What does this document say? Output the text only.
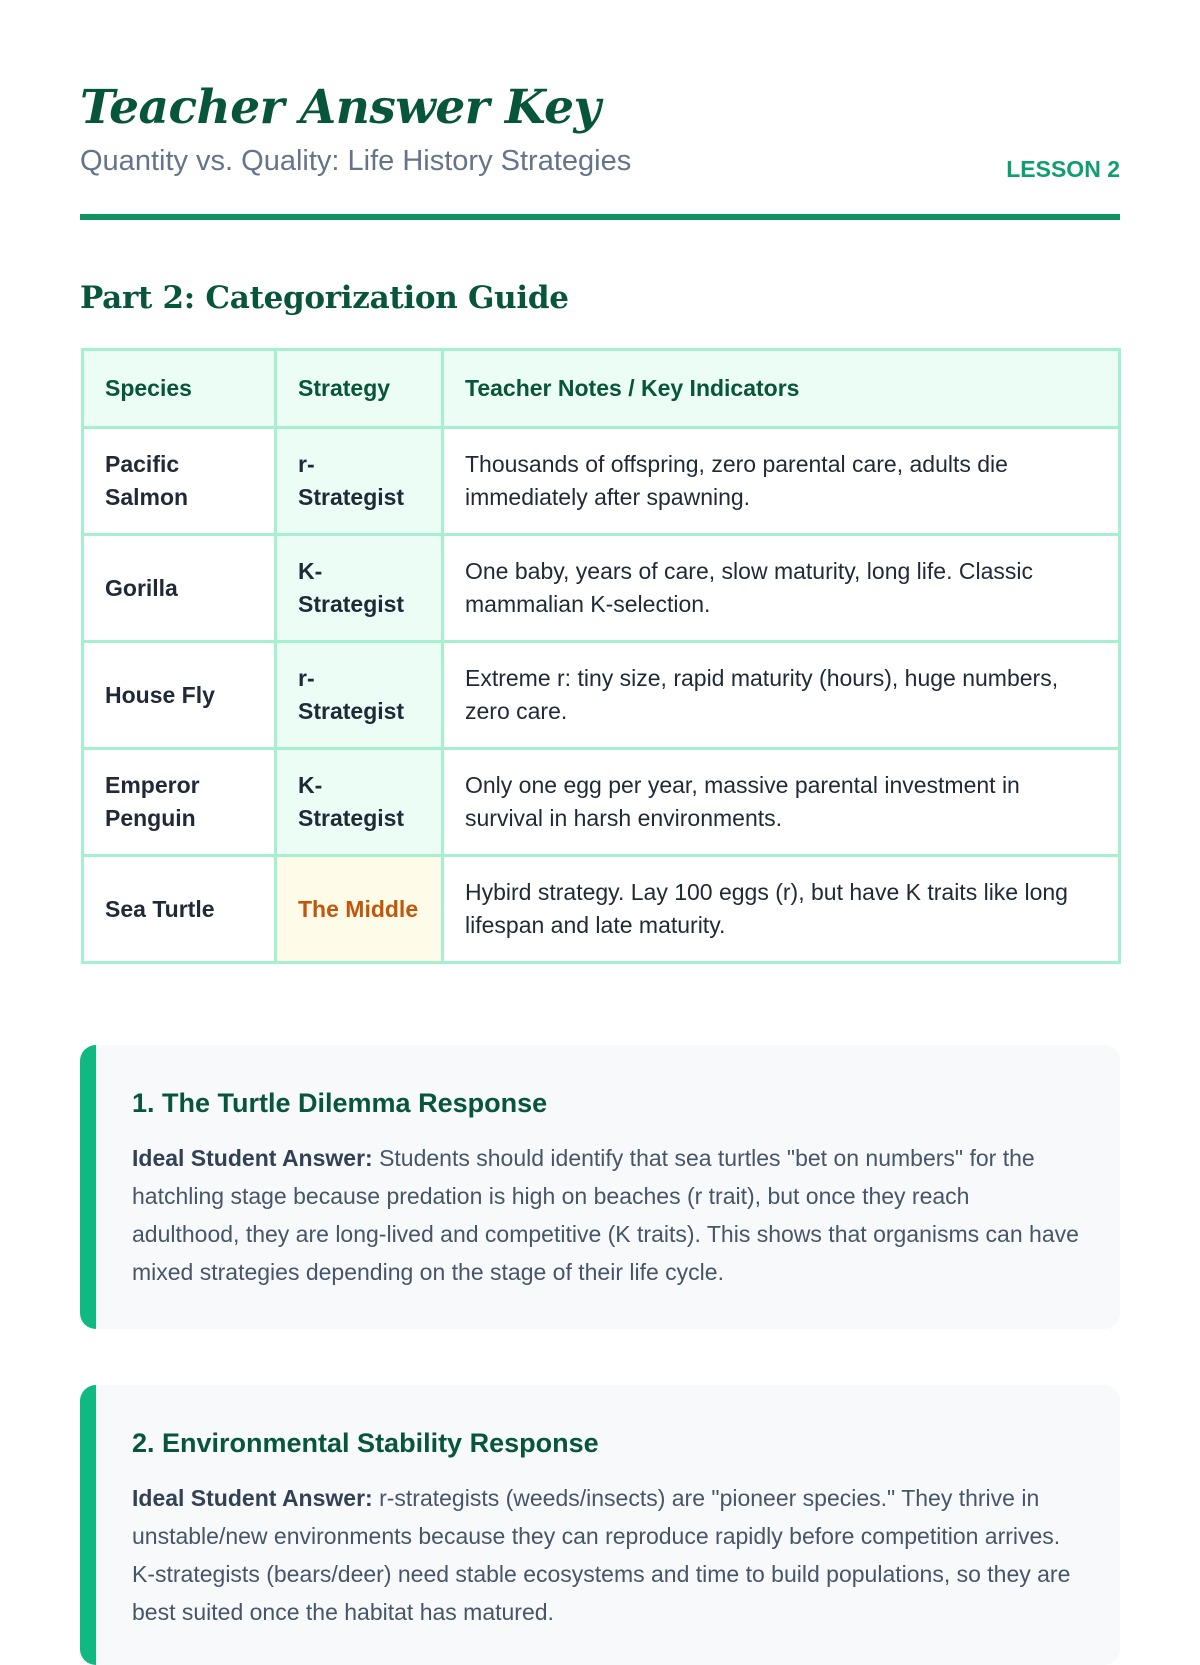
Teacher Answer Key
Quantity vs. Quality: Life History Strategies	LESSON 2
Part 2: Categorization Guide
Species	Strategy	Teacher Notes / Key Indicators
Pacific Salmon	r-Strategist	Thousands of offspring, zero parental care, adults die immediately after spawning.
Gorilla	K-Strategist	One baby, years of care, slow maturity, long life. Classic mammalian K-selection.
House Fly	r-Strategist	Extreme r: tiny size, rapid maturity (hours), huge numbers, zero care.
Emperor Penguin	K-Strategist	Only one egg per year, massive parental investment in survival in harsh environments.
Sea Turtle	The Middle	Hybird strategy. Lay 100 eggs (r), but have K traits like long lifespan and late maturity.
1. The Turtle Dilemma Response

Ideal Student Answer: Students should identify that sea turtles "bet on numbers" for the hatchling stage because predation is high on beaches (r trait), but once they reach adulthood, they are long-lived and competitive (K traits). This shows that organisms can have mixed strategies depending on the stage of their life cycle.

2. Environmental Stability Response

Ideal Student Answer: r-strategists (weeds/insects) are "pioneer species." They thrive in unstable/new environments because they can reproduce rapidly before competition arrives. K-strategists (bears/deer) need stable ecosystems and time to build populations, so they are best suited once the habitat has matured.
